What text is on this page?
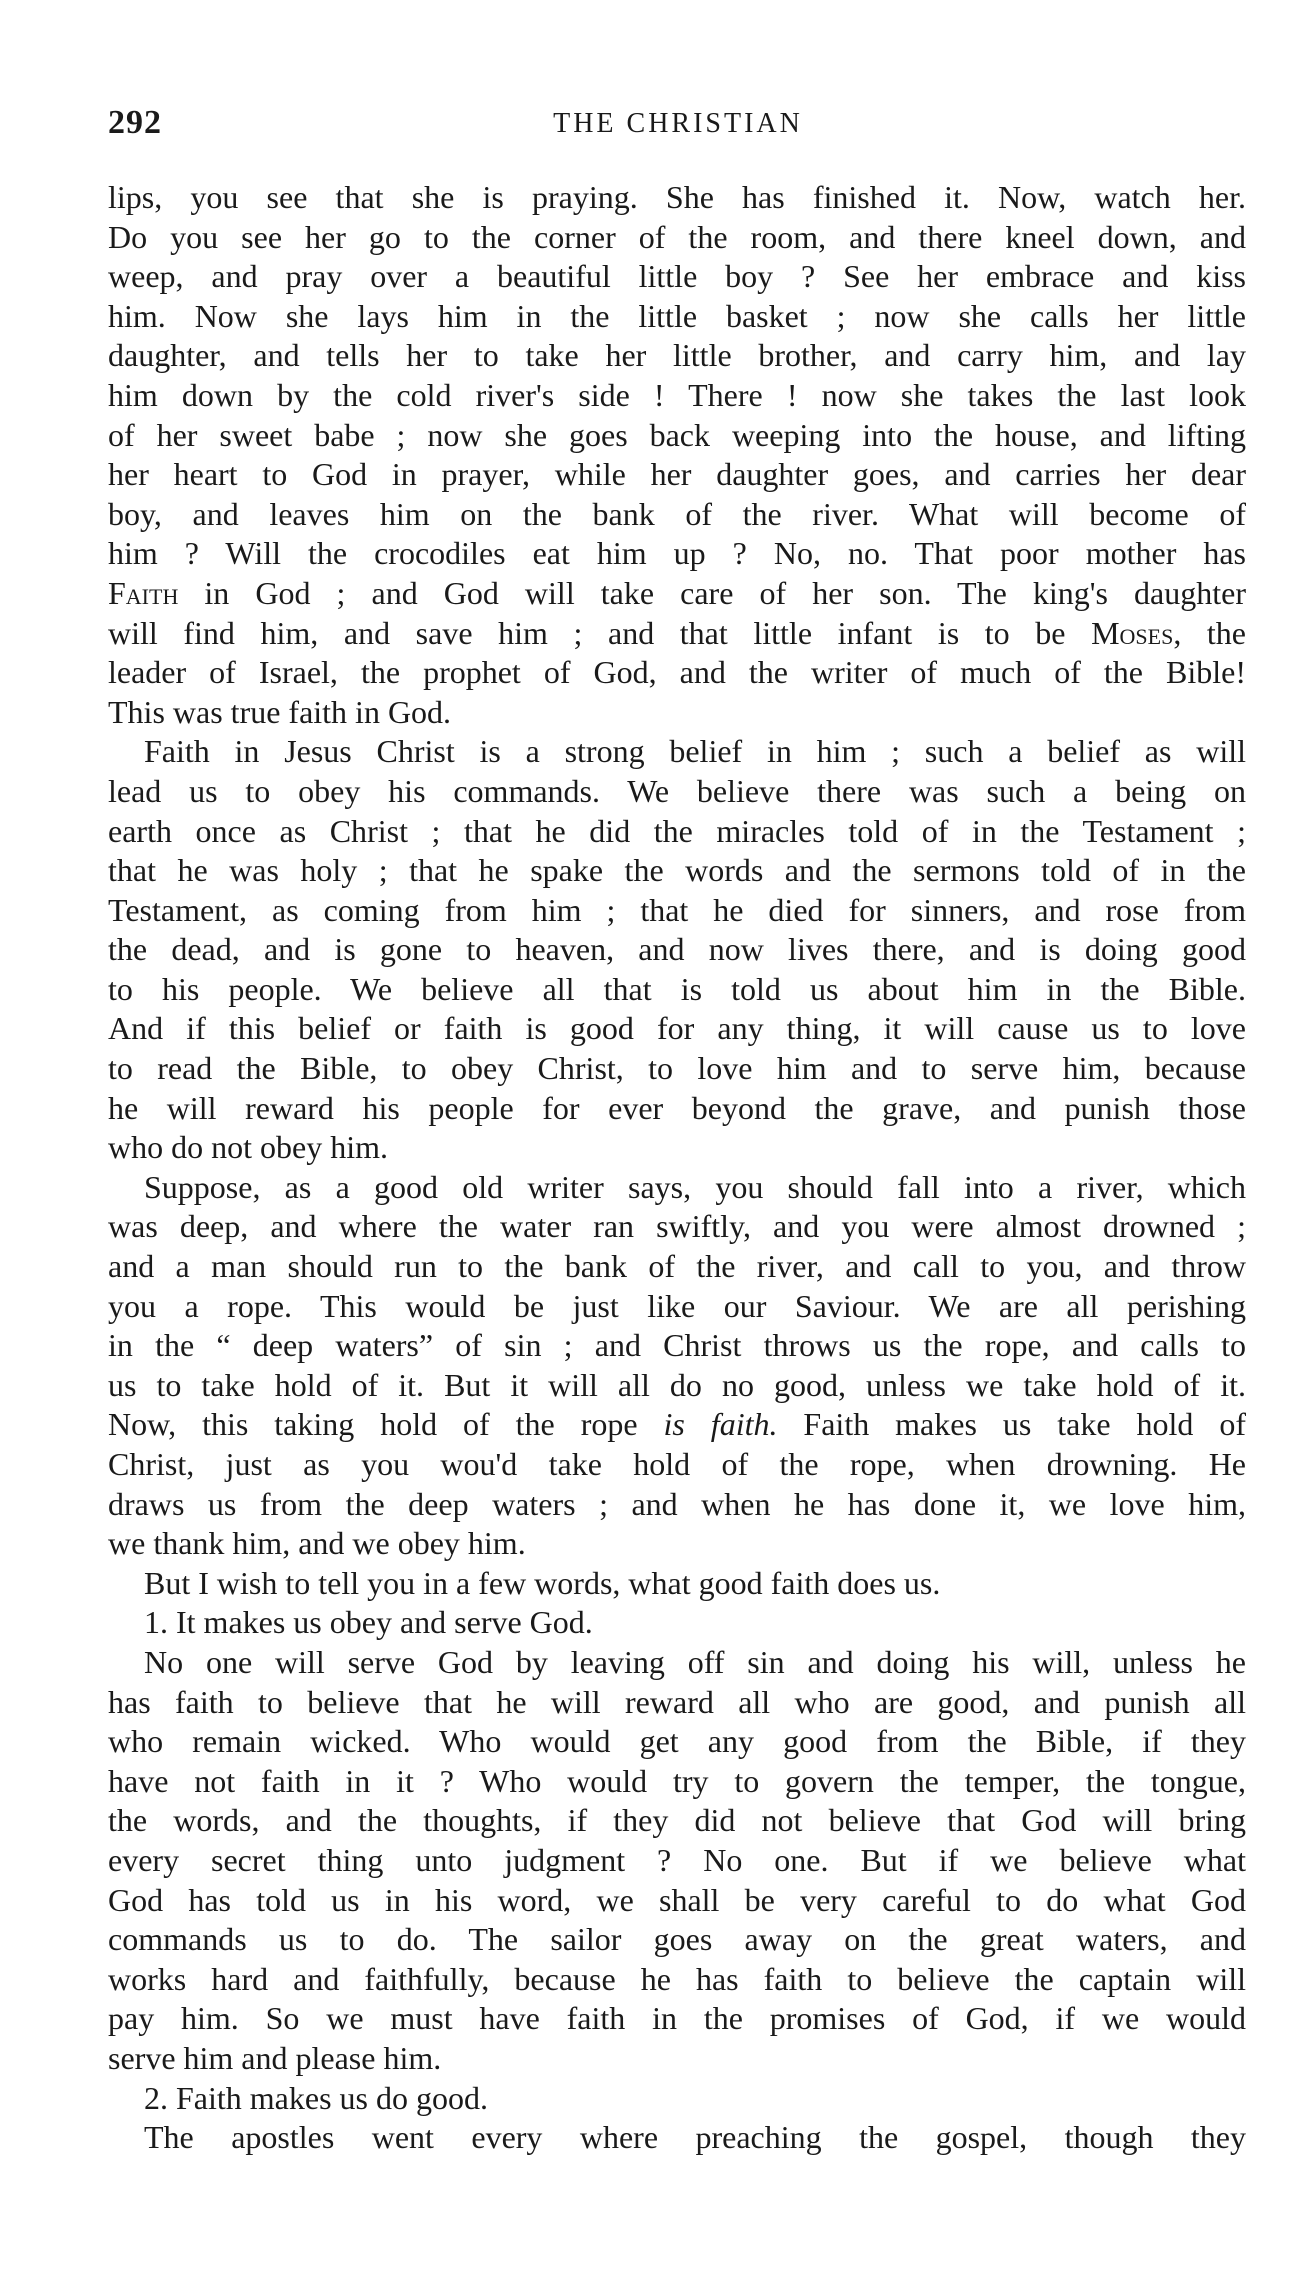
292	THE CHRISTIAN
lips, you see that she is praying. She has finished it. Now, watch her.
Do you see her go to the corner of the room, and there kneel down, and
weep, and pray over a beautiful little boy ? See her embrace and kiss
him. Now she lays him in the little basket ; now she calls her little
daughter, and tells her to take her little brother, and carry him, and lay
him down by the cold river's side ! There ! now she takes the last look
of her sweet babe ; now she goes back weeping into the house, and lifting
her heart to God in prayer, while her daughter goes, and carries her dear
boy, and leaves him on the bank of the river. What will become of
him ? Will the crocodiles eat him up ? No, no. That poor mother has
Faith in God ; and God will take care of her son. The king's daughter
will find him, and save him ; and that little infant is to be Moses, the
leader of Israel, the prophet of God, and the writer of much of the Bible!
This was true faith in God.
Faith in Jesus Christ is a strong belief in him ; such a belief as will
lead us to obey his commands. We believe there was such a being on
earth once as Christ ; that he did the miracles told of in the Testament ;
that he was holy ; that he spake the words and the sermons told of in the
Testament, as coming from him ; that he died for sinners, and rose from
the dead, and is gone to heaven, and now lives there, and is doing good
to his people. We believe all that is told us about him in the Bible.
And if this belief or faith is good for any thing, it will cause us to love
to read the Bible, to obey Christ, to love him and to serve him, because
he will reward his people for ever beyond the grave, and punish those
who do not obey him.
Suppose, as a good old writer says, you should fall into a river, which
was deep, and where the water ran swiftly, and you were almost drowned ;
and a man should run to the bank of the river, and call to you, and throw
you a rope. This would be just like our Saviour. We are all perishing
in the “ deep waters” of sin ; and Christ throws us the rope, and calls to
us to take hold of it. But it will all do no good, unless we take hold of it.
Now, this taking hold of the rope is faith. Faith makes us take hold of
Christ, just as you wou'd take hold of the rope, when drowning. He
draws us from the deep waters ; and when he has done it, we love him,
we thank him, and we obey him.
But I wish to tell you in a few words, what good faith does us.
1. It makes us obey and serve God.
No one will serve God by leaving off sin and doing his will, unless he
has faith to believe that he will reward all who are good, and punish all
who remain wicked. Who would get any good from the Bible, if they
have not faith in it ? Who would try to govern the temper, the tongue,
the words, and the thoughts, if they did not believe that God will bring
every secret thing unto judgment ? No one. But if we believe what
God has told us in his word, we shall be very careful to do what God
commands us to do. The sailor goes away on the great waters, and
works hard and faithfully, because he has faith to believe the captain will
pay him. So we must have faith in the promises of God, if we would
serve him and please him.
2. Faith makes us do good.
The apostles went every where preaching the gospel, though they
